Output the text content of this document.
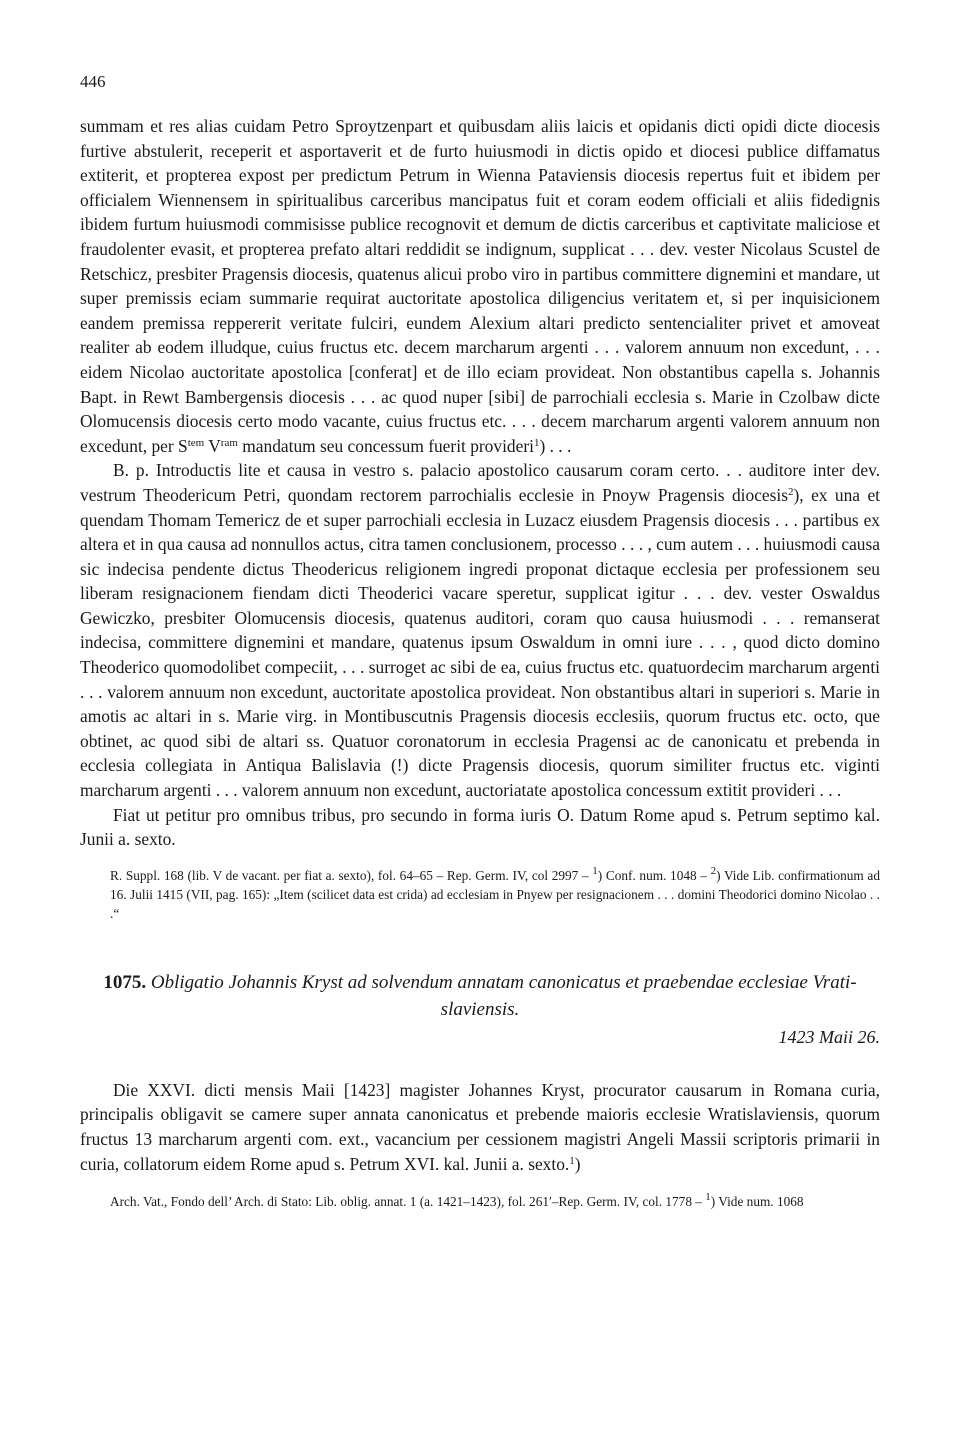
446

summam et res alias cuidam Petro Sproytzenpart et quibusdam aliis laicis et opidanis dicti opidi dicte diocesis furtive abstulerit, receperit et asportaverit et de furto huiusmodi in dictis opido et diocesi publice diffamatus extiterit, et propterea expost per predictum Petrum in Wienna Pataviensis diocesis repertus fuit et ibidem per officialem Wiennensem in spiritualibus carceribus mancipatus fuit et coram eodem officiali et aliis fidedignis ibidem furtum huiusmodi commisisse publice recognovit et demum de dictis carceribus et captivitate maliciose et fraudolenter evasit, et propterea prefato altari reddidit se indignum, supplicat . . . dev. vester Nicolaus Scustel de Retschicz, presbiter Pragensis diocesis, quatenus alicui probo viro in partibus committere dignemini et mandare, ut super premissis eciam summarie requirat auctoritate apostolica diligencius veritatem et, si per inquisicionem eandem premissa reppererit veritate fulciri, eundem Alexium altari predicto sentencialiter privet et amoveat realiter ab eodem illudque, cuius fructus etc. decem marcharum argenti . . . valorem annuum non excedunt, . . . eidem Nicolao auctoritate apostolica [conferat] et de illo eciam provideat. Non obstantibus capella s. Johannis Bapt. in Rewt Bambergensis diocesis . . . ac quod nuper [sibi] de parrochiali ecclesia s. Marie in Czolbaw dicte Olomucensis diocesis certo modo vacante, cuius fructus etc. . . . decem marcharum argenti valorem annuum non excedunt, per $S^{tem}$ $V^{ram}$ mandatum seu concessum fuerit provideri$^1$) . . .

B. p. Introductis lite et causa in vestro s. palacio apostolico causarum coram certo. . . auditore inter dev. vestrum Theodericum Petri, quondam rectorem parrochialis ecclesie in Pnoyw Pragensis diocesis$^2$), ex una et quendam Thomam Temericz de et super parrochiali ecclesia in Luzacz eiusdem Pragensis diocesis . . . partibus ex altera et in qua causa ad nonnullos actus, citra tamen conclusionem, processo . . . , cum autem . . . huiusmodi causa sic indecisa pendente dictus Theodericus religionem ingredi proponat dictaque ecclesia per professionem seu liberam resignacionem fiendam dicti Theoderici vacare speretur, supplicat igitur . . . dev. vester Oswaldus Gewiczko, presbiter Olomucensis diocesis, quatenus auditori, coram quo causa huiusmodi . . . remanserat indecisa, committere dignemini et mandare, quatenus ipsum Oswaldum in omni iure . . . , quod dicto domino Theoderico quomodolibet compeciit, . . . surroget ac sibi de ea, cuius fructus etc. quatuordecim marcharum argenti . . . valorem annuum non excedunt, auctoritate apostolica provideat. Non obstantibus altari in superiori s. Marie in amotis ac altari in s. Marie virg. in Montibuscutnis Pragensis diocesis ecclesiis, quorum fructus etc. octo, que obtinet, ac quod sibi de altari ss. Quatuor coronatorum in ecclesia Pragensi ac de canonicatu et prebenda in ecclesia collegiata in Antiqua Balislavia (!) dicte Pragensis diocesis, quorum similiter fructus etc. viginti marcharum argenti . . . valorem annuum non excedunt, auctoriatate apostolica concessum extitit provideri . . .

Fiat ut petitur pro omnibus tribus, pro secundo in forma iuris O. Datum Rome apud s. Petrum septimo kal. Junii a. sexto.

R. Suppl. 168 (lib. V de vacant. per fiat a. sexto), fol. 64–65 – Rep. Germ. IV, col 2997 – $^1$) Conf. num. 1048 – $^2$) Vide Lib. confirmationum ad 16. Julii 1415 (VII, pag. 165): „Item (scilicet data est crida) ad ecclesiam in Pnyew per resignacionem . . . domini Theodorici domino Nicolao . . .“

1075. Obligatio Johannis Kryst ad solvendum annatam canonicatus et praebendae ecclesiae Vratislaviensis.
1423 Maii 26.

Die XXVI. dicti mensis Maii [1423] magister Johannes Kryst, procurator causarum in Romana curia, principalis obligavit se camere super annata canonicatus et prebende maioris ecclesie Wratislaviensis, quorum fructus 13 marcharum argenti com. ext., vacancium per cessionem magistri Angeli Massii scriptoris primarii in curia, collatorum eidem Rome apud s. Petrum XVI. kal. Junii a. sexto.$^1$)

Arch. Vat., Fondo dell’ Arch. di Stato: Lib. oblig. annat. 1 (a. 1421–1423), fol. 261′–Rep. Germ. IV, col. 1778 – $^1$) Vide num. 1068
